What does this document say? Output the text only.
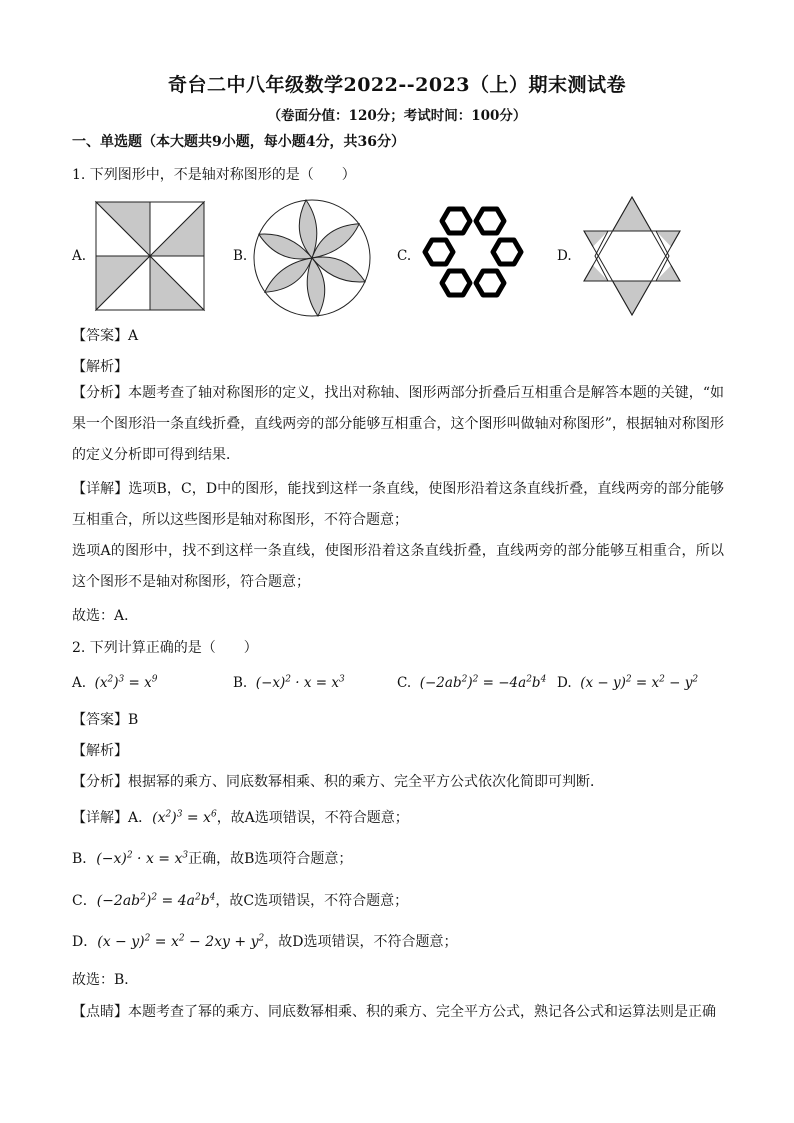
奇台二中八年级数学2022--2023（上）期末测试卷
（卷面分值：120分；考试时间：100分）
一、单选题（本大题共9小题，每小题4分，共36分）
1. 下列图形中，不是轴对称图形的是（　　）
A.	B.	C.	D.
【答案】A
【解析】
【分析】本题考查了轴对称图形的定义，找出对称轴、图形两部分折叠后互相重合是解答本题的关键，“如果一个图形沿一条直线折叠，直线两旁的部分能够互相重合，这个图形叫做轴对称图形”，根据轴对称图形的定义分析即可得到结果．
【详解】选项B，C，D中的图形，能找到这样一条直线，使图形沿着这条直线折叠，直线两旁的部分能够互相重合，所以这些图形是轴对称图形，不符合题意；
选项A的图形中，找不到这样一条直线，使图形沿着这条直线折叠，直线两旁的部分能够互相重合，所以这个图形不是轴对称图形，符合题意；
故选：A．
2. 下列计算正确的是（　　）
A.  $(x^2)^3 = x^9$	B.  $(-x)^2 \cdot x = x^3$	C.  $(-2ab^2)^2 = -4a^2b^4$ D.  $(x - y)^2 = x^2 - y^2$
【答案】B
【解析】
【分析】根据幂的乘方、同底数幂相乘、积的乘方、完全平方公式依次化简即可判断．
【详解】A．$(x^2)^3 = x^6$，故A选项错误，不符合题意；
B．$(-x)^2 \cdot x = x^3$正确，故B选项符合题意；
C．$(-2ab^2)^2 = 4a^2b^4$，故C选项错误，不符合题意；
D．$(x - y)^2 = x^2 - 2xy + y^2$，故D选项错误，不符合题意；
故选：B．
【点睛】本题考查了幂的乘方、同底数幂相乘、积的乘方、完全平方公式，熟记各公式和运算法则是正确
